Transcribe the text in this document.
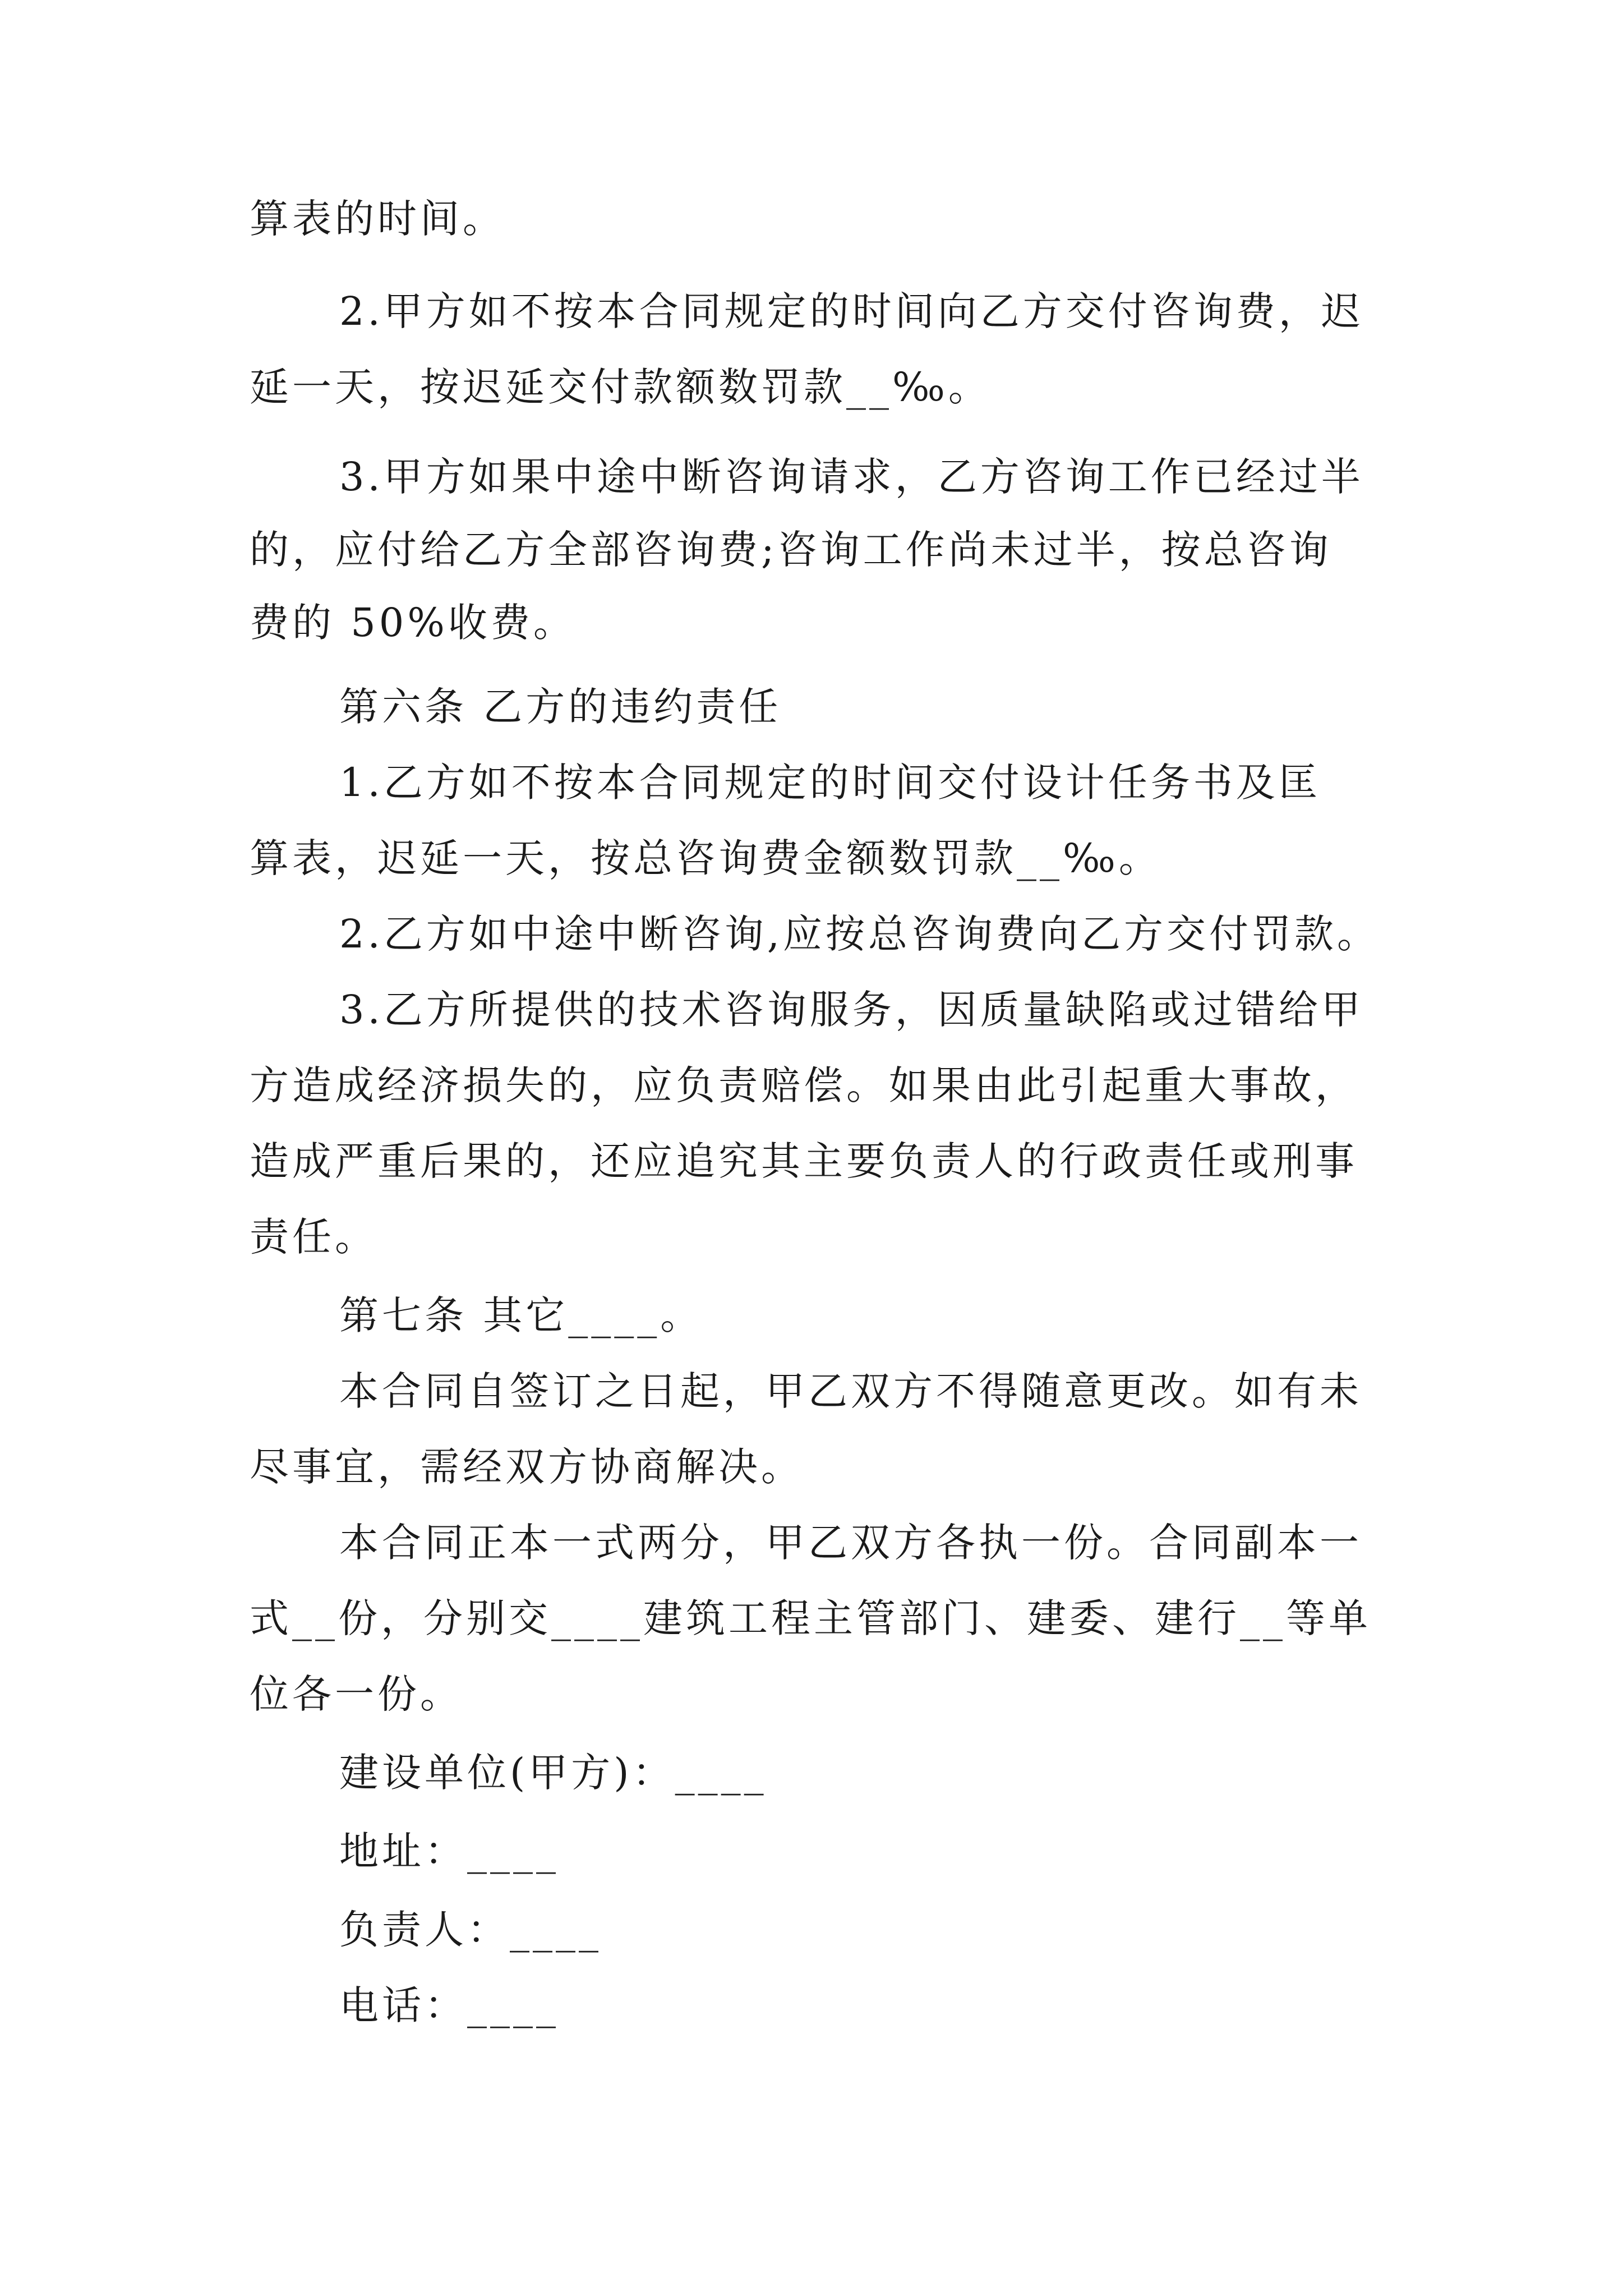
算表的时间。
2.甲方如不按本合同规定的时间向乙方交付咨询费，迟
延一天，按迟延交付款额数罚款__‰。
3.甲方如果中途中断咨询请求，乙方咨询工作已经过半
的，应付给乙方全部咨询费;咨询工作尚未过半，按总咨询
费的 50%收费。
第六条 乙方的违约责任
1.乙方如不按本合同规定的时间交付设计任务书及匡
算表，迟延一天，按总咨询费金额数罚款__‰。
2.乙方如中途中断咨询,应按总咨询费向乙方交付罚款。
3.乙方所提供的技术咨询服务，因质量缺陷或过错给甲
方造成经济损失的，应负责赔偿。如果由此引起重大事故，
造成严重后果的，还应追究其主要负责人的行政责任或刑事
责任。
第七条 其它____。
本合同自签订之日起，甲乙双方不得随意更改。如有未
尽事宜，需经双方协商解决。
本合同正本一式两分，甲乙双方各执一份。合同副本一
式__份，分别交____建筑工程主管部门、建委、建行__等单
位各一份。
建设单位(甲方)：____
地址：____
负责人：____
电话：____
